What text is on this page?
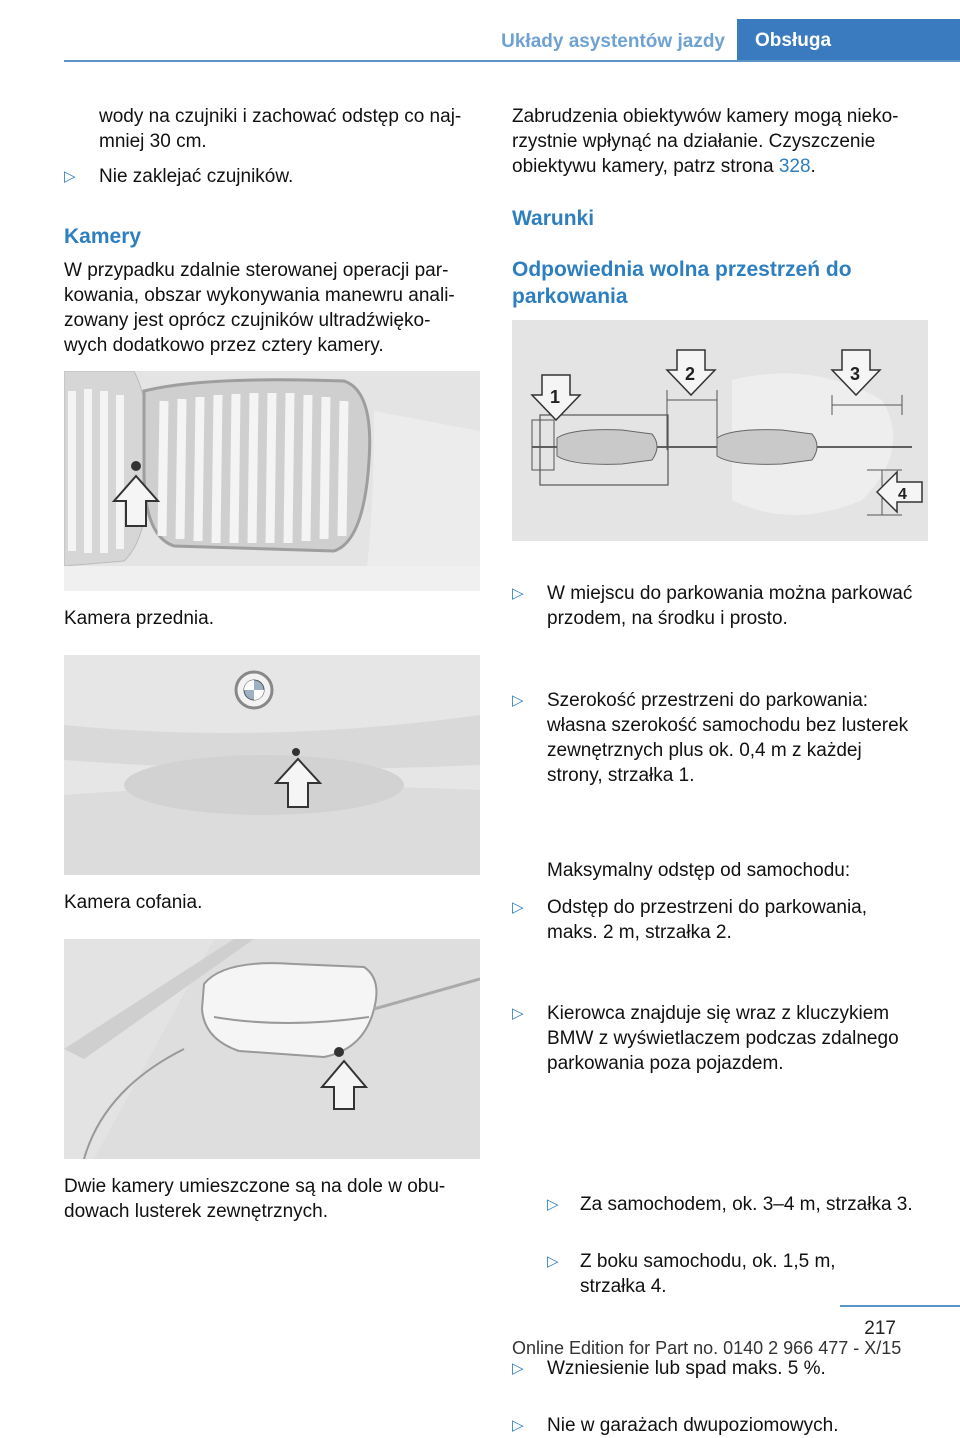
Układy asystentów jazdy	Obsługa
wody na czujniki i zachować odstęp co naj‐
mniej 30 cm.
▷ Nie zaklejać czujników.
Kamery
W przypadku zdalnie sterowanej operacji par‐
kowania, obszar wykonywania manewru anali‐
zowany jest oprócz czujników ultradźwięko‐
wych dodatkowo przez cztery kamery.
Kamera przednia.
Kamera cofania.
Dwie kamery umieszczone są na dole w obu‐
dowach lusterek zewnętrznych.
Zabrudzenia obiektywów kamery mogą nieko‐
rzystnie wpłynąć na działanie. Czyszczenie
obiektywu kamery, patrz strona 328.
Warunki
Odpowiednia wolna przestrzeń do
parkowania
1
2	3
4
▷ W miejscu do parkowania można parkować
przodem, na środku i prosto.
▷ Szerokość przestrzeni do parkowania:
własna szerokość samochodu bez lusterek
zewnętrznych plus ok. 0,4 m z każdej
strony, strzałka 1.
▷ Odstęp do przestrzeni do parkowania,
maks. 2 m, strzałka 2.
▷ Kierowca znajduje się wraz z kluczykiem
BMW z wyświetlaczem podczas zdalnego
parkowania poza pojazdem.
Maksymalny odstęp od samochodu:
▷ Za samochodem, ok. 3–4 m, strzałka 3.
▷ Z boku samochodu, ok. 1,5 m,
strzałka 4.
▷ Wzniesienie lub spad maks. 5 %.
▷ Nie w garażach dwupoziomowych.
217
Online Edition for Part no. 0140 2 966 477 - X/15
